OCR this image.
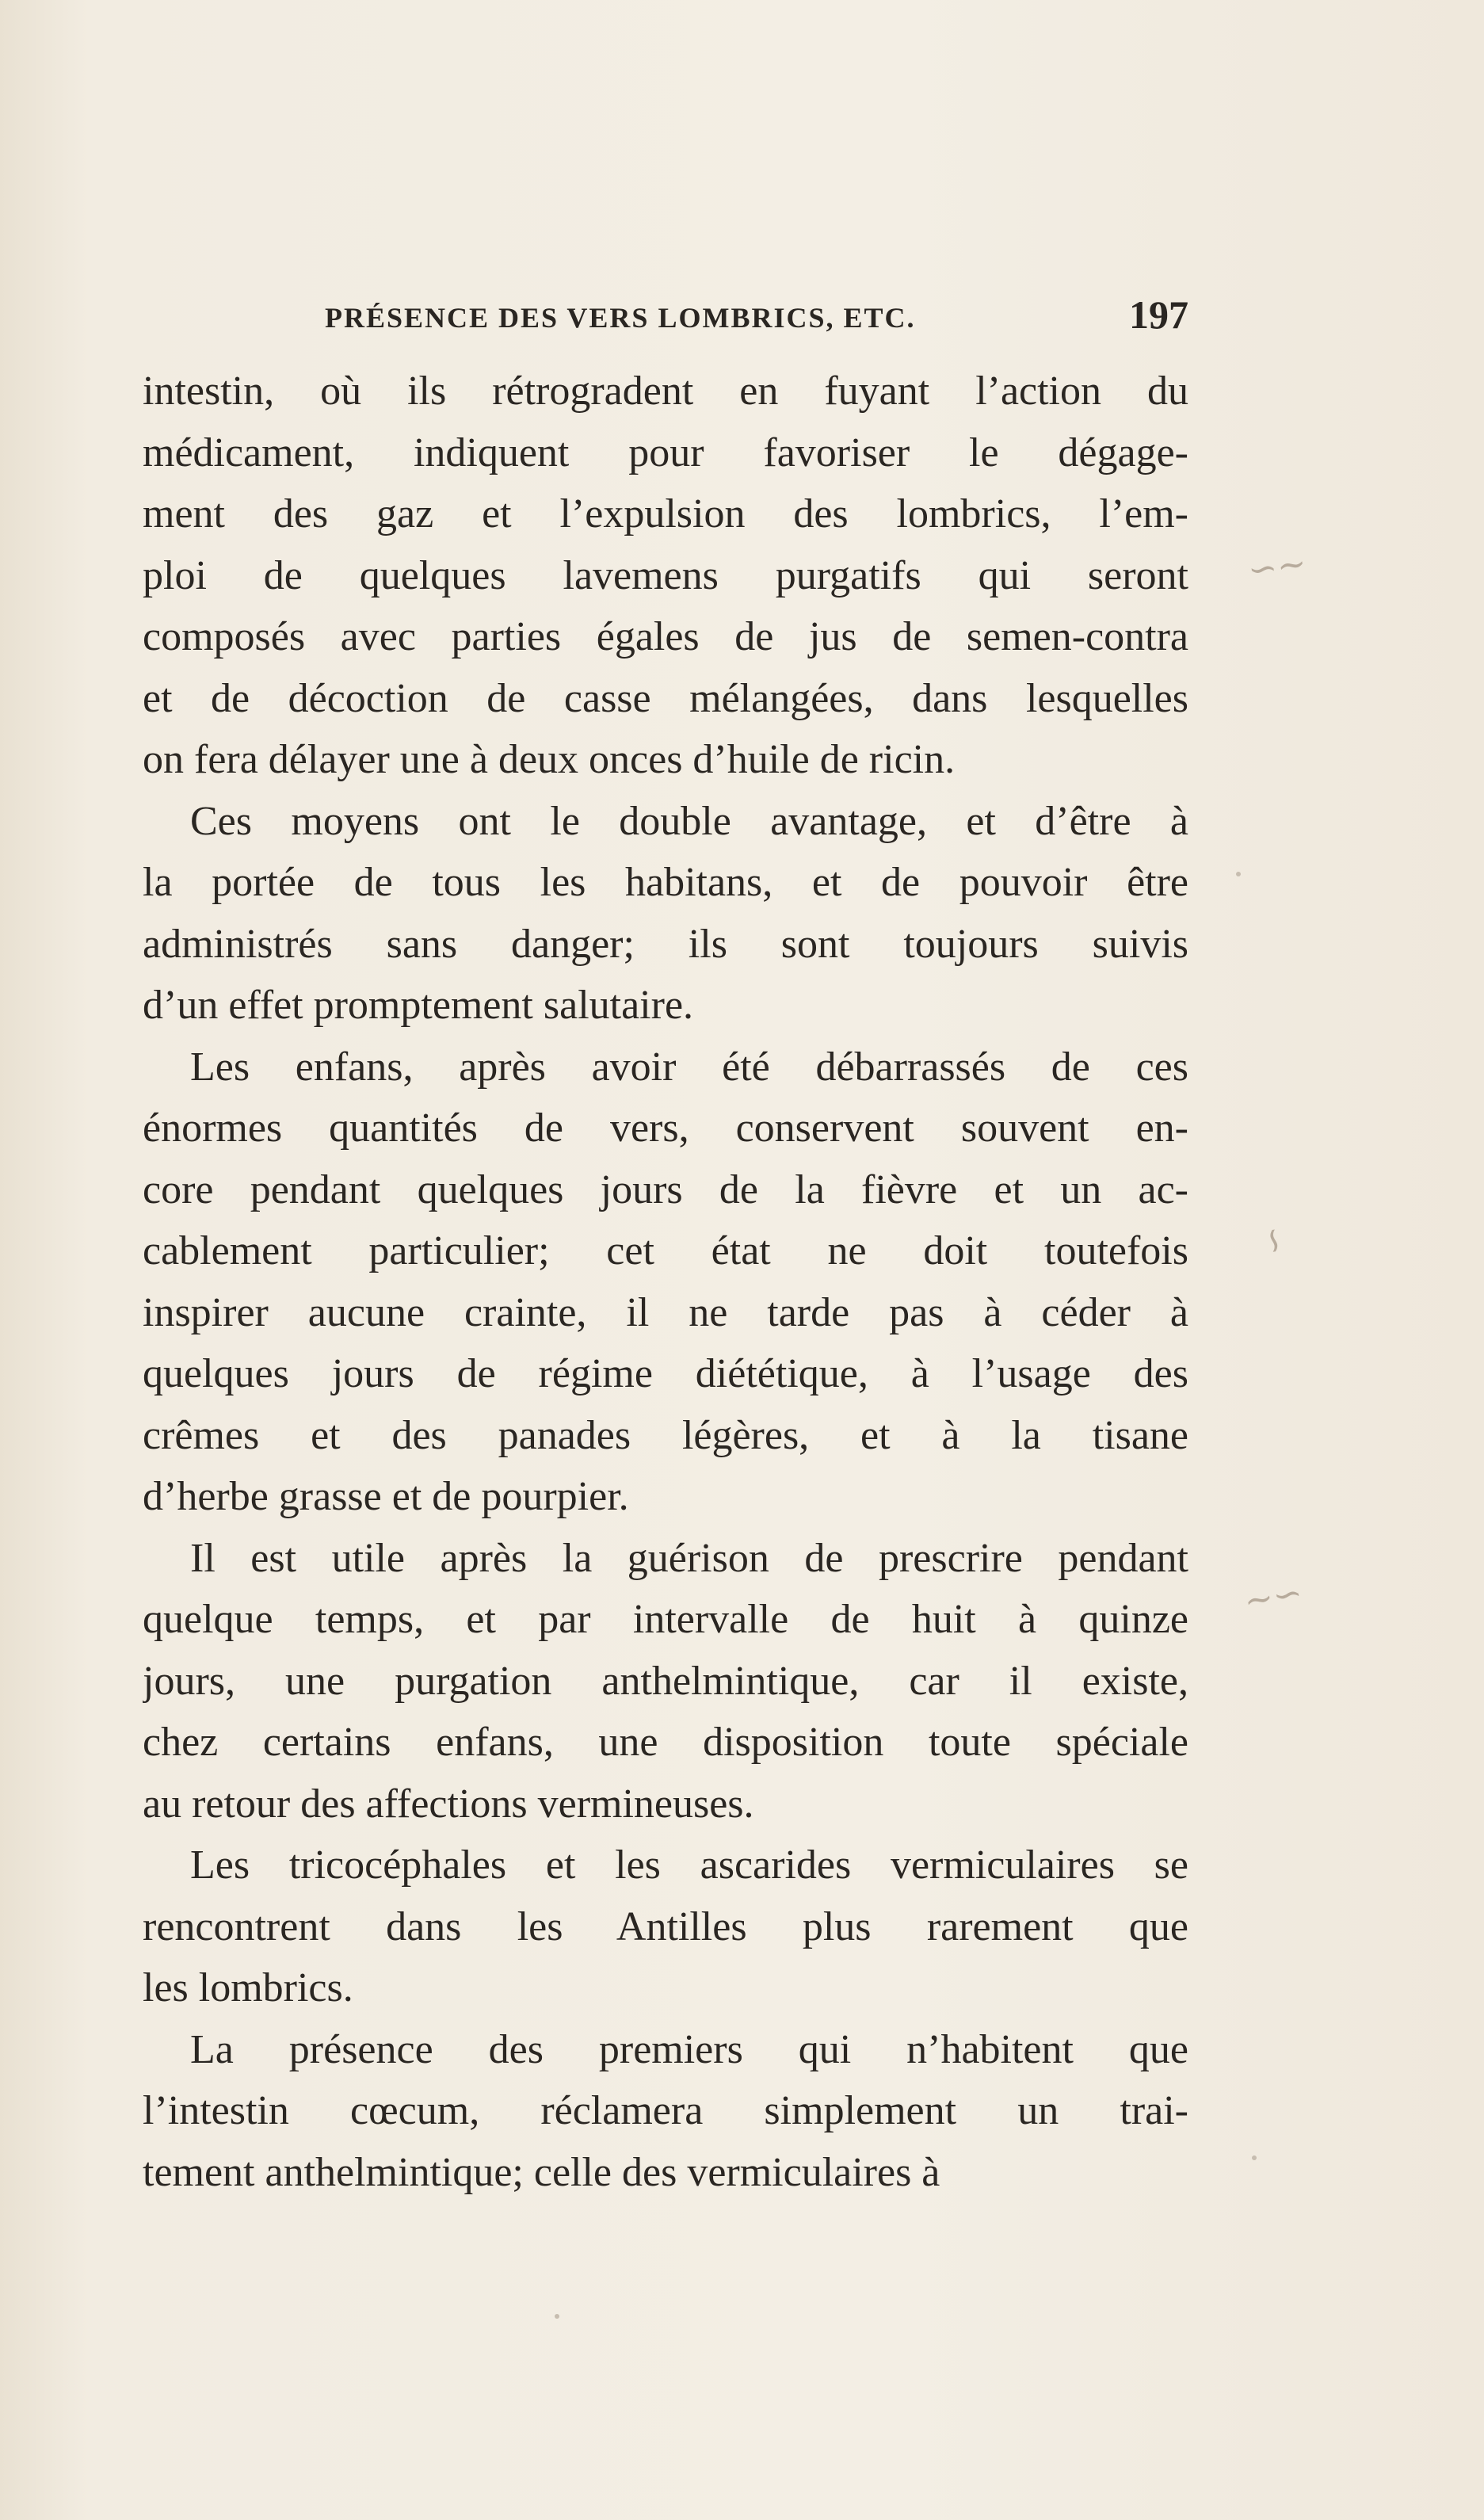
PRÉSENCE DES VERS LOMBRICS, ETC.	197
intestin, où ils rétrogradent en fuyant l’action du
médicament, indiquent pour favoriser le dégage-
ment des gaz et l’expulsion des lombrics, l’em-
ploi de quelques lavemens purgatifs qui seront
composés avec parties égales de jus de semen-contra
et de décoction de casse mélangées, dans lesquelles
on fera délayer une à deux onces d’huile de ricin.
Ces moyens ont le double avantage, et d’être à
la portée de tous les habitans, et de pouvoir être
administrés sans danger; ils sont toujours suivis
d’un effet promptement salutaire.
Les enfans, après avoir été débarrassés de ces
énormes quantités de vers, conservent souvent en-
core pendant quelques jours de la fièvre et un ac-
cablement particulier; cet état ne doit toutefois
inspirer aucune crainte, il ne tarde pas à céder à
quelques jours de régime diététique, à l’usage des
crêmes et des panades légères, et à la tisane
d’herbe grasse et de pourpier.
Il est utile après la guérison de prescrire pendant
quelque temps, et par intervalle de huit à quinze
jours, une purgation anthelmintique, car il existe,
chez certains enfans, une disposition toute spéciale
au retour des affections vermineuses.
Les tricocéphales et les ascarides vermiculaires se
rencontrent dans les Antilles plus rarement que
les lombrics.
La présence des premiers qui n’habitent que
l’intestin cœcum, réclamera simplement un trai-
tement anthelmintique; celle des vermiculaires à
∽∼
∽
∼∽
